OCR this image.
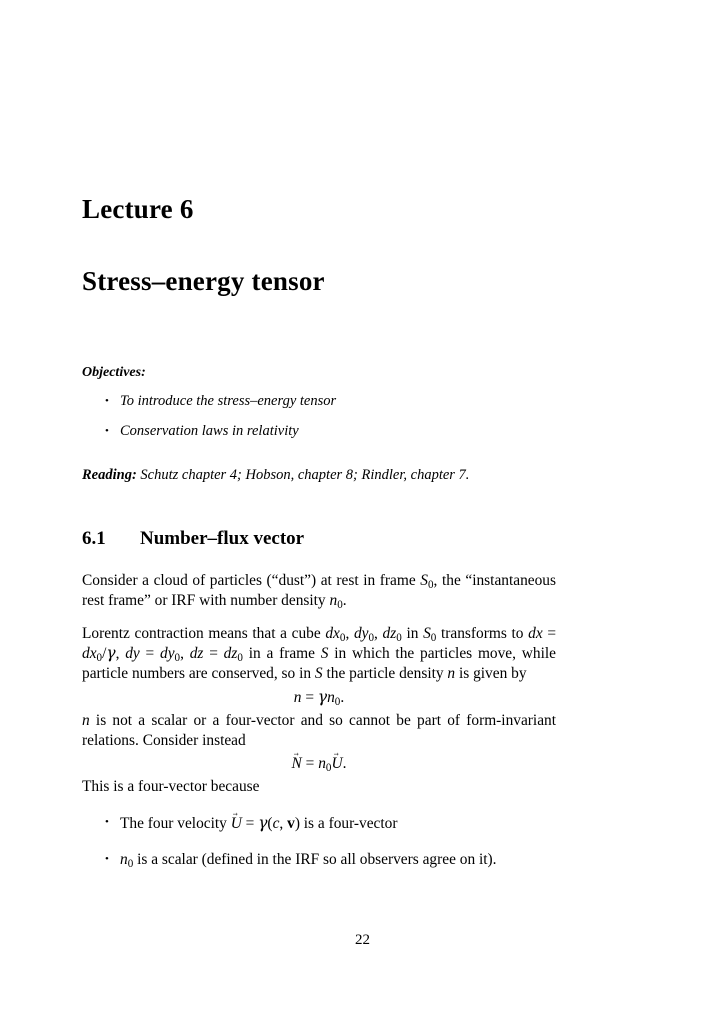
Lecture 6
Stress–energy tensor

Objectives:

• To introduce the stress–energy tensor
• Conservation laws in relativity

Reading: Schutz chapter 4; Hobson, chapter 8; Rindler, chapter 7.

6.1 Number–flux vector

Consider a cloud of particles (“dust”) at rest in frame $S_0$, the “instantaneous rest frame” or IRF with number density $n_0$.

Lorentz contraction means that a cube $dx_0$, $dy_0$, $dz_0$ in $S_0$ transforms to dx = $dx_0/\gamma$, dy = $dy_0$, dz = $dz_0$ in a frame S in which the particles move, while particle numbers are conserved, so in S the particle density n is given by

$n = \gamma n_0$.

n is not a scalar or a four-vector and so cannot be part of form-invariant relations. Consider instead

N → = $n_0U$ →.

This is a four-vector because

• The four velocity U → = γ(c, v) is a four-vector
• $n_0$ is a scalar (defined in the IRF so all observers agree on it).
22
